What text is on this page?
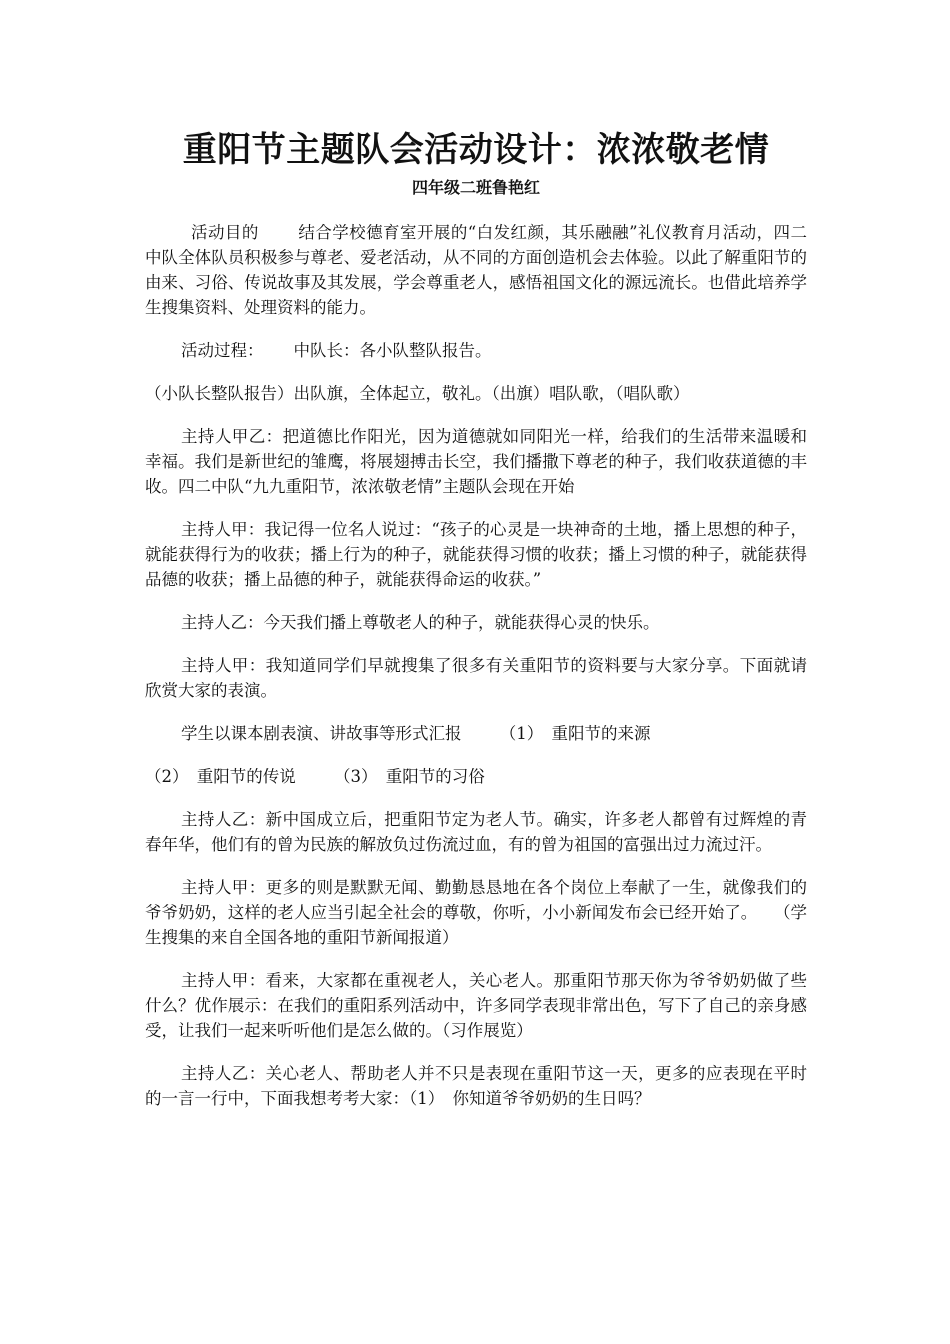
重阳节主题队会活动设计：浓浓敬老情
四年级二班鲁艳红

活动目的　　 结合学校德育室开展的“白发红颜，其乐融融”礼仪教育月活动，四二中队全体队员积极参与尊老、爱老活动，从不同的方面创造机会去体验。以此了解重阳节的由来、习俗、传说故事及其发展，学会尊重老人，感悟祖国文化的源远流长。也借此培养学生搜集资料、处理资料的能力。

活动过程：　　 中队长：各小队整队报告。

（小队长整队报告）出队旗，全体起立，敬礼。（出旗）唱队歌，（唱队歌）

主持人甲乙：把道德比作阳光，因为道德就如同阳光一样，给我们的生活带来温暖和幸福。我们是新世纪的雏鹰，将展翅搏击长空，我们播撒下尊老的种子，我们收获道德的丰收。四二中队“九九重阳节，浓浓敬老情”主题队会现在开始

主持人甲：我记得一位名人说过：“孩子的心灵是一块神奇的土地，播上思想的种子，就能获得行为的收获；播上行为的种子，就能获得习惯的收获；播上习惯的种子，就能获得品德的收获；播上品德的种子，就能获得命运的收获。”

主持人乙：今天我们播上尊敬老人的种子，就能获得心灵的快乐。

主持人甲：我知道同学们早就搜集了很多有关重阳节的资料要与大家分享。下面就请欣赏大家的表演。

学生以课本剧表演、讲故事等形式汇报　　 （1）　重阳节的来源

（2）　重阳节的传说　　 （3）　重阳节的习俗

主持人乙：新中国成立后，把重阳节定为老人节。确实，许多老人都曾有过辉煌的青春年华，他们有的曾为民族的解放负过伤流过血，有的曾为祖国的富强出过力流过汗。

主持人甲：更多的则是默默无闻、勤勤恳恳地在各个岗位上奉献了一生，就像我们的爷爷奶奶，这样的老人应当引起全社会的尊敬，你听，小小新闻发布会已经开始了。　　（学生搜集的来自全国各地的重阳节新闻报道）

主持人甲：看来，大家都在重视老人，关心老人。那重阳节那天你为爷爷奶奶做了些什么？优作展示：在我们的重阳系列活动中，许多同学表现非常出色，写下了自己的亲身感受，让我们一起来听听他们是怎么做的。（习作展览）

主持人乙：关心老人、帮助老人并不只是表现在重阳节这一天，更多的应表现在平时的一言一行中，下面我想考考大家：（1）　你知道爷爷奶奶的生日吗？
